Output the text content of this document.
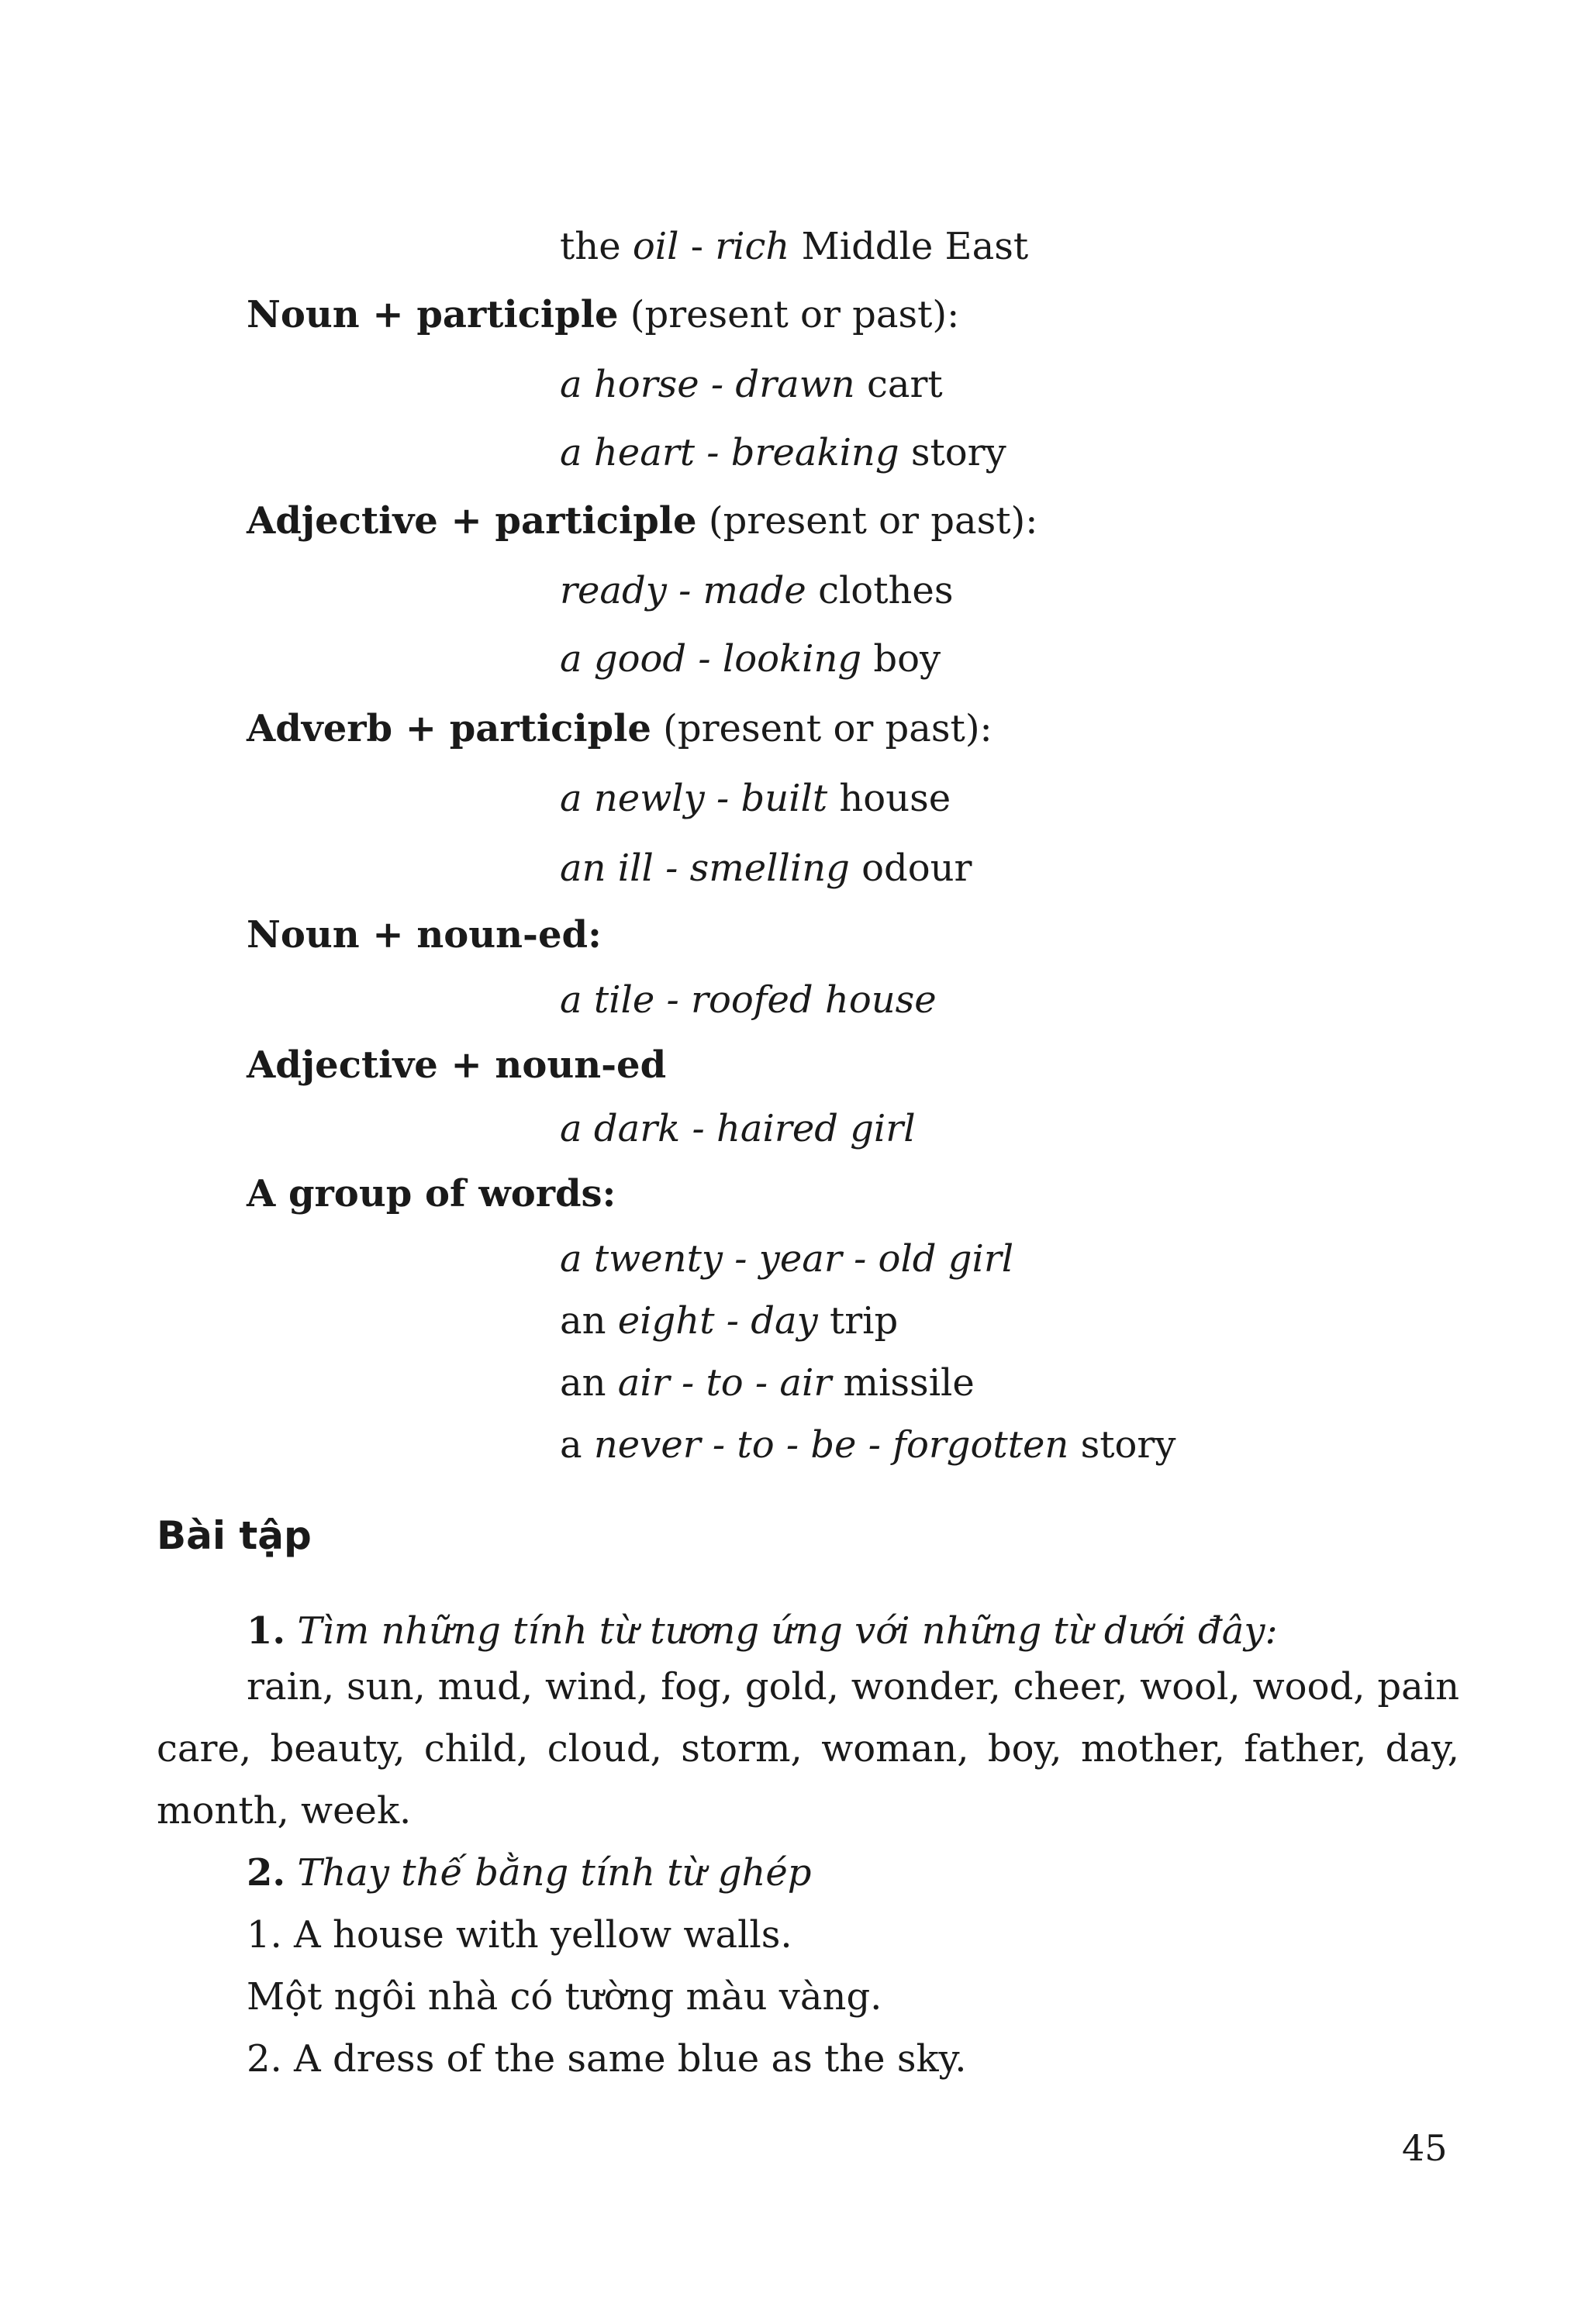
the oil - rich Middle East
Noun + participle (present or past):
a horse - drawn cart
a heart - breaking story
Adjective + participle (present or past):
ready - made clothes
a good - looking boy
Adverb + participle (present or past):
a newly - built house
an ill - smelling odour
Noun + noun-ed:
a tile - roofed house
Adjective + noun-ed
a dark - haired girl
A group of words:
a twenty - year - old girl
an eight - day trip
an air - to - air missile
a never - to - be - forgotten story
Bài tập
1. Tìm những tính từ tương ứng với những từ dưới đây:
rain, sun, mud, wind, fog, gold, wonder, cheer, wool, wood, pain care, beauty, child, cloud, storm, woman, boy, mother, father, day, month, week.
2. Thay thế bằng tính từ ghép
1. A house with yellow walls.
Một ngôi nhà có tường màu vàng.
2. A dress of the same blue as the sky.
45
